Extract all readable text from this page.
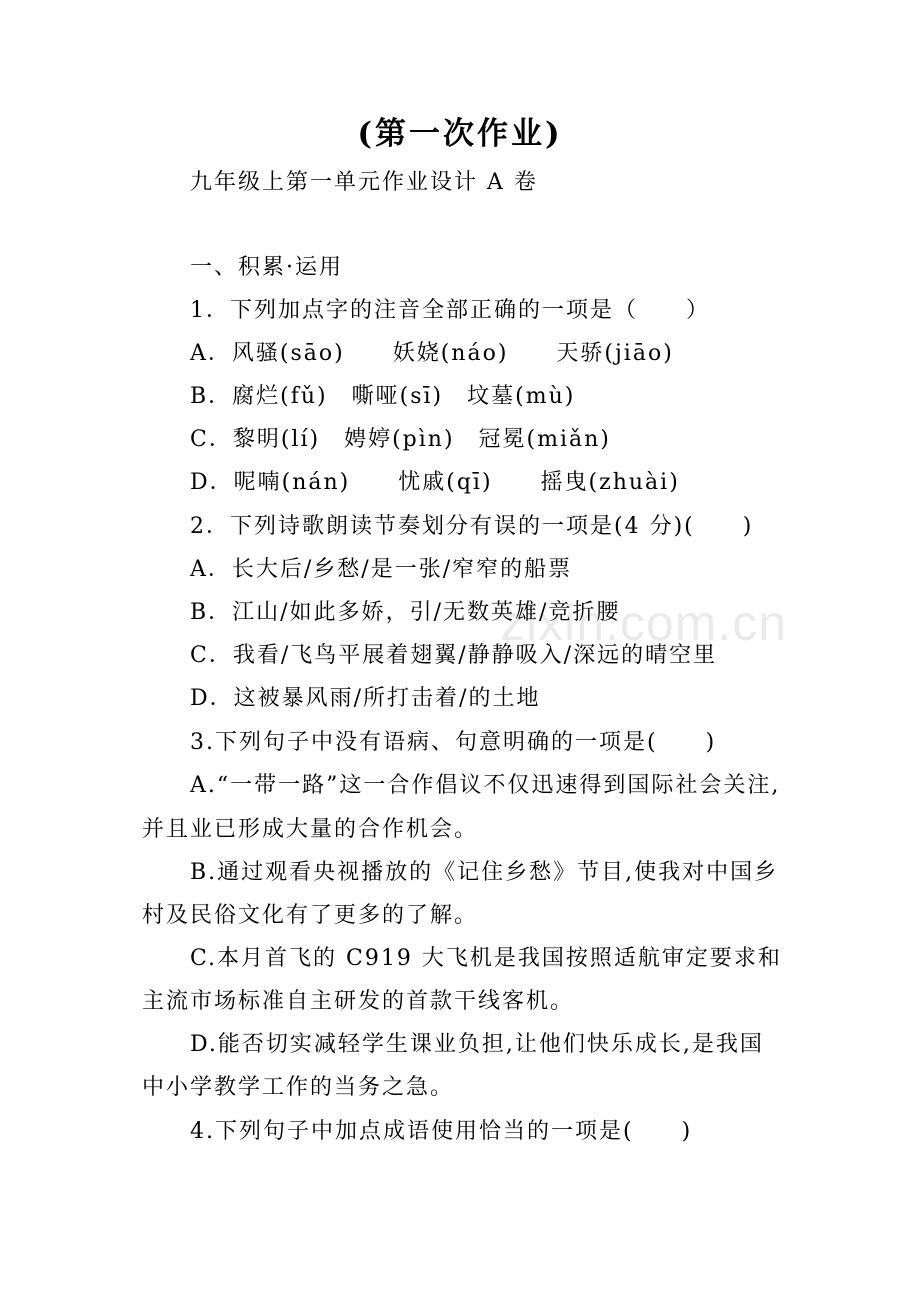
(第一次作业)
九年级上第一单元作业设计 A 卷
一、积累·运用
1．下列加点字的注音全部正确的一项是（　　）
A．风骚(sāo)　　妖娆(náo)　　天骄(jiāo)
B．腐烂(fǔ)　嘶哑(sī)　坟墓(mù)
C．黎明(lí)　娉婷(pìn)　冠冕(miǎn)
D．呢喃(nán)　　忧戚(qī)　　摇曳(zhuài)
2．下列诗歌朗读节奏划分有误的一项是(4 分)(　　)
A．长大后/乡愁/是一张/窄窄的船票
B．江山/如此多娇，引/无数英雄/竞折腰
C．我看/飞鸟平展着翅翼/静静吸入/深远的晴空里
D．这被暴风雨/所打击着/的土地
3.下列句子中没有语病、句意明确的一项是(　　)
A.“一带一路”这一合作倡议不仅迅速得到国际社会关注,
并且业已形成大量的合作机会。
B.通过观看央视播放的《记住乡愁》节目,使我对中国乡
村及民俗文化有了更多的了解。
C.本月首飞的 C919 大飞机是我国按照适航审定要求和
主流市场标准自主研发的首款干线客机。
D.能否切实减轻学生课业负担,让他们快乐成长,是我国
中小学教学工作的当务之急。
4.下列句子中加点成语使用恰当的一项是(　　)
zixin.com.cn
